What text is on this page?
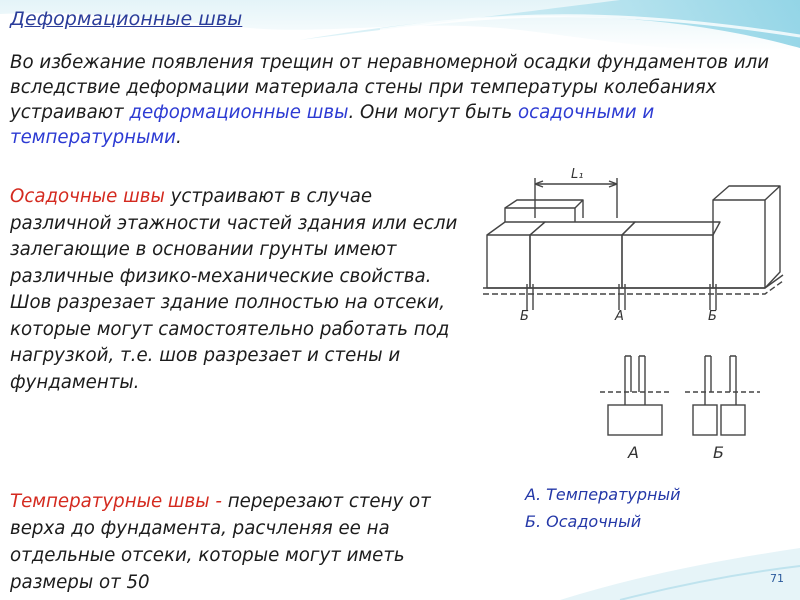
Деформационные швы
Во избежание появления трещин от неравномерной осадки фундаментов или вследствие деформации материала стены при температуры колебаниях устраивают деформационные швы. Они могут быть осадочными и температурными.
Осадочные швы устраивают в случае различной этажности частей здания или если залегающие в основании грунты имеют различные физико-механические свойства. Шов разрезает здание полностью на отсеки, которые могут самостоятельно работать под нагрузкой, т.е. шов разрезает и стены и фундаменты.
Температурные швы - перерезают стену от верха до фундамента, расчленяя ее на отдельные отсеки, которые могут иметь размеры от 50
L₁
Б	А	Б
А	Б
А. Температурный
Б. Осадочный
71
